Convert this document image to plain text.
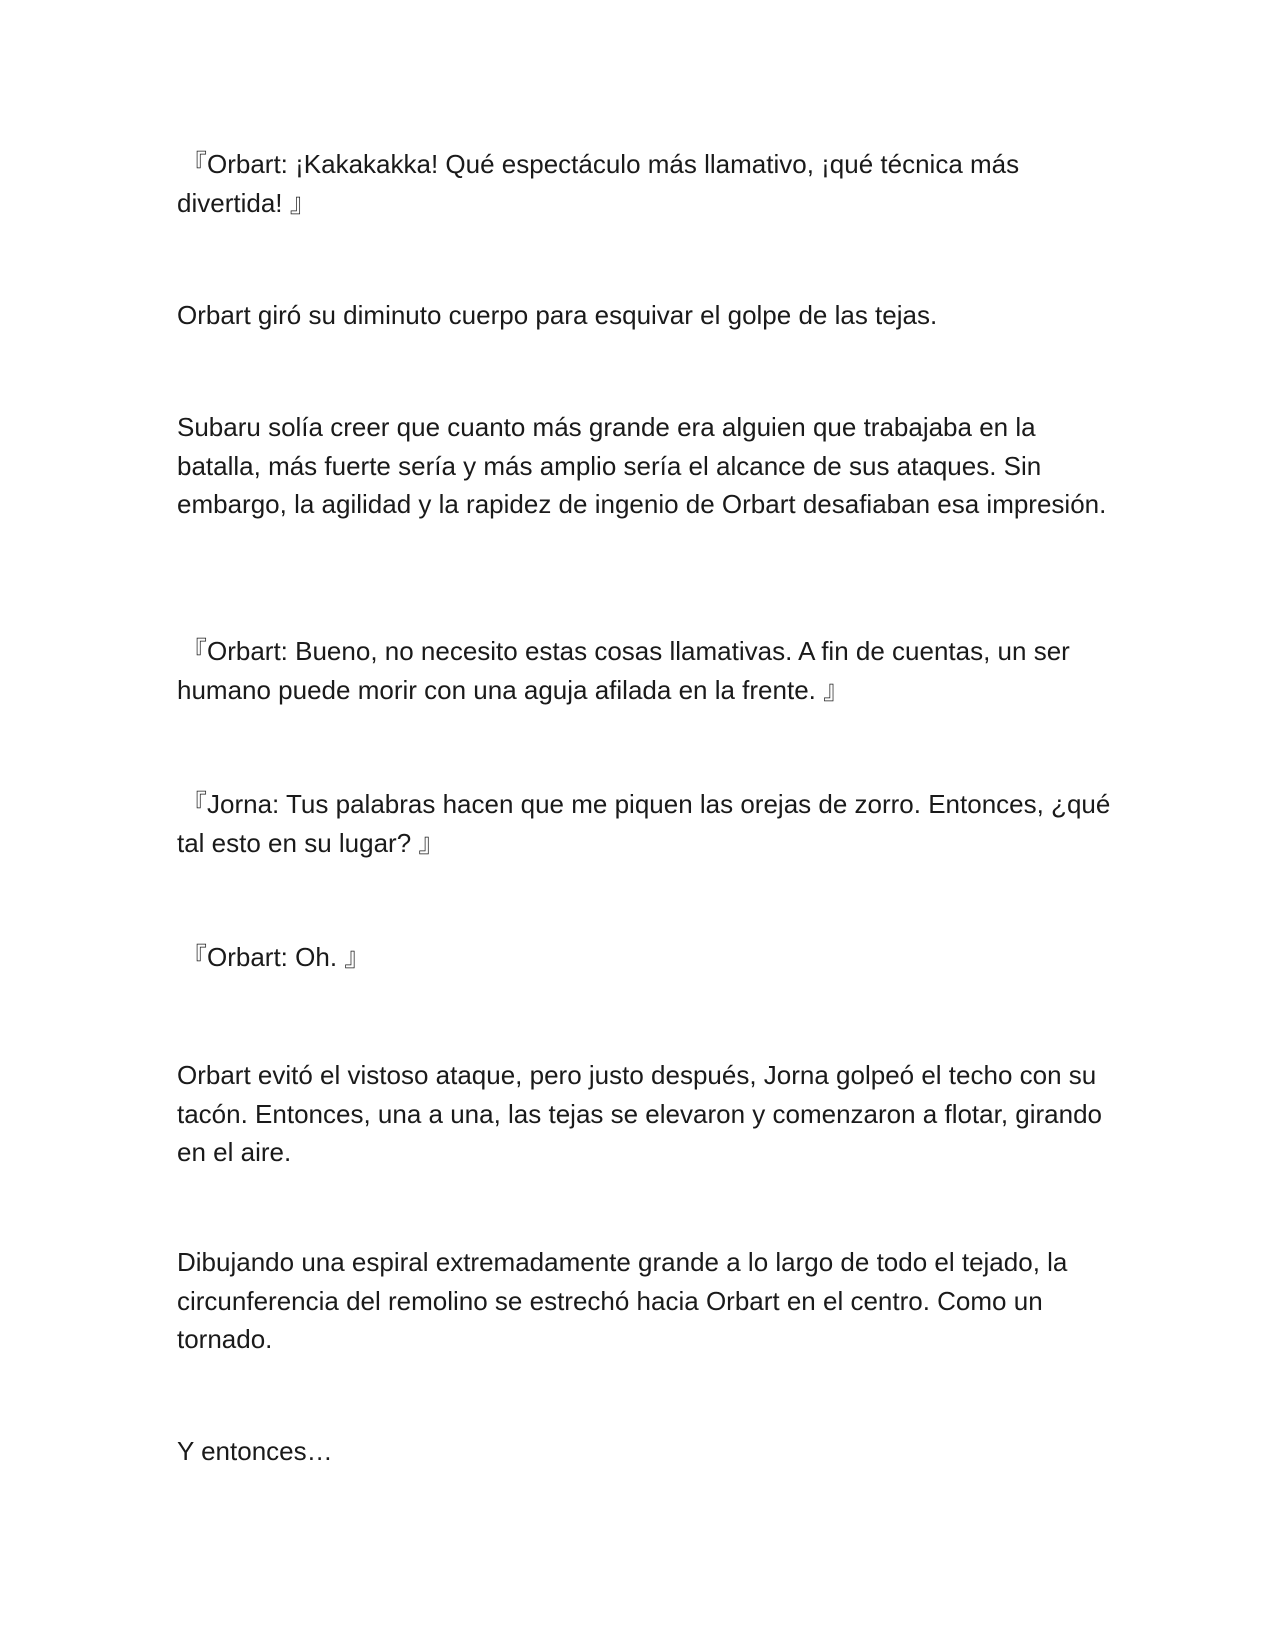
『Orbart: ¡Kakakakka! Qué espectáculo más llamativo, ¡qué técnica más divertida! 』

Orbart giró su diminuto cuerpo para esquivar el golpe de las tejas.

Subaru solía creer que cuanto más grande era alguien que trabajaba en la batalla, más fuerte sería y más amplio sería el alcance de sus ataques. Sin embargo, la agilidad y la rapidez de ingenio de Orbart desafiaban esa impresión.

『Orbart: Bueno, no necesito estas cosas llamativas. A fin de cuentas, un ser humano puede morir con una aguja afilada en la frente. 』

『Jorna: Tus palabras hacen que me piquen las orejas de zorro. Entonces, ¿qué tal esto en su lugar? 』

『Orbart: Oh. 』

Orbart evitó el vistoso ataque, pero justo después, Jorna golpeó el techo con su tacón. Entonces, una a una, las tejas se elevaron y comenzaron a flotar, girando en el aire.

Dibujando una espiral extremadamente grande a lo largo de todo el tejado, la circunferencia del remolino se estrechó hacia Orbart en el centro. Como un tornado.

Y entonces…
